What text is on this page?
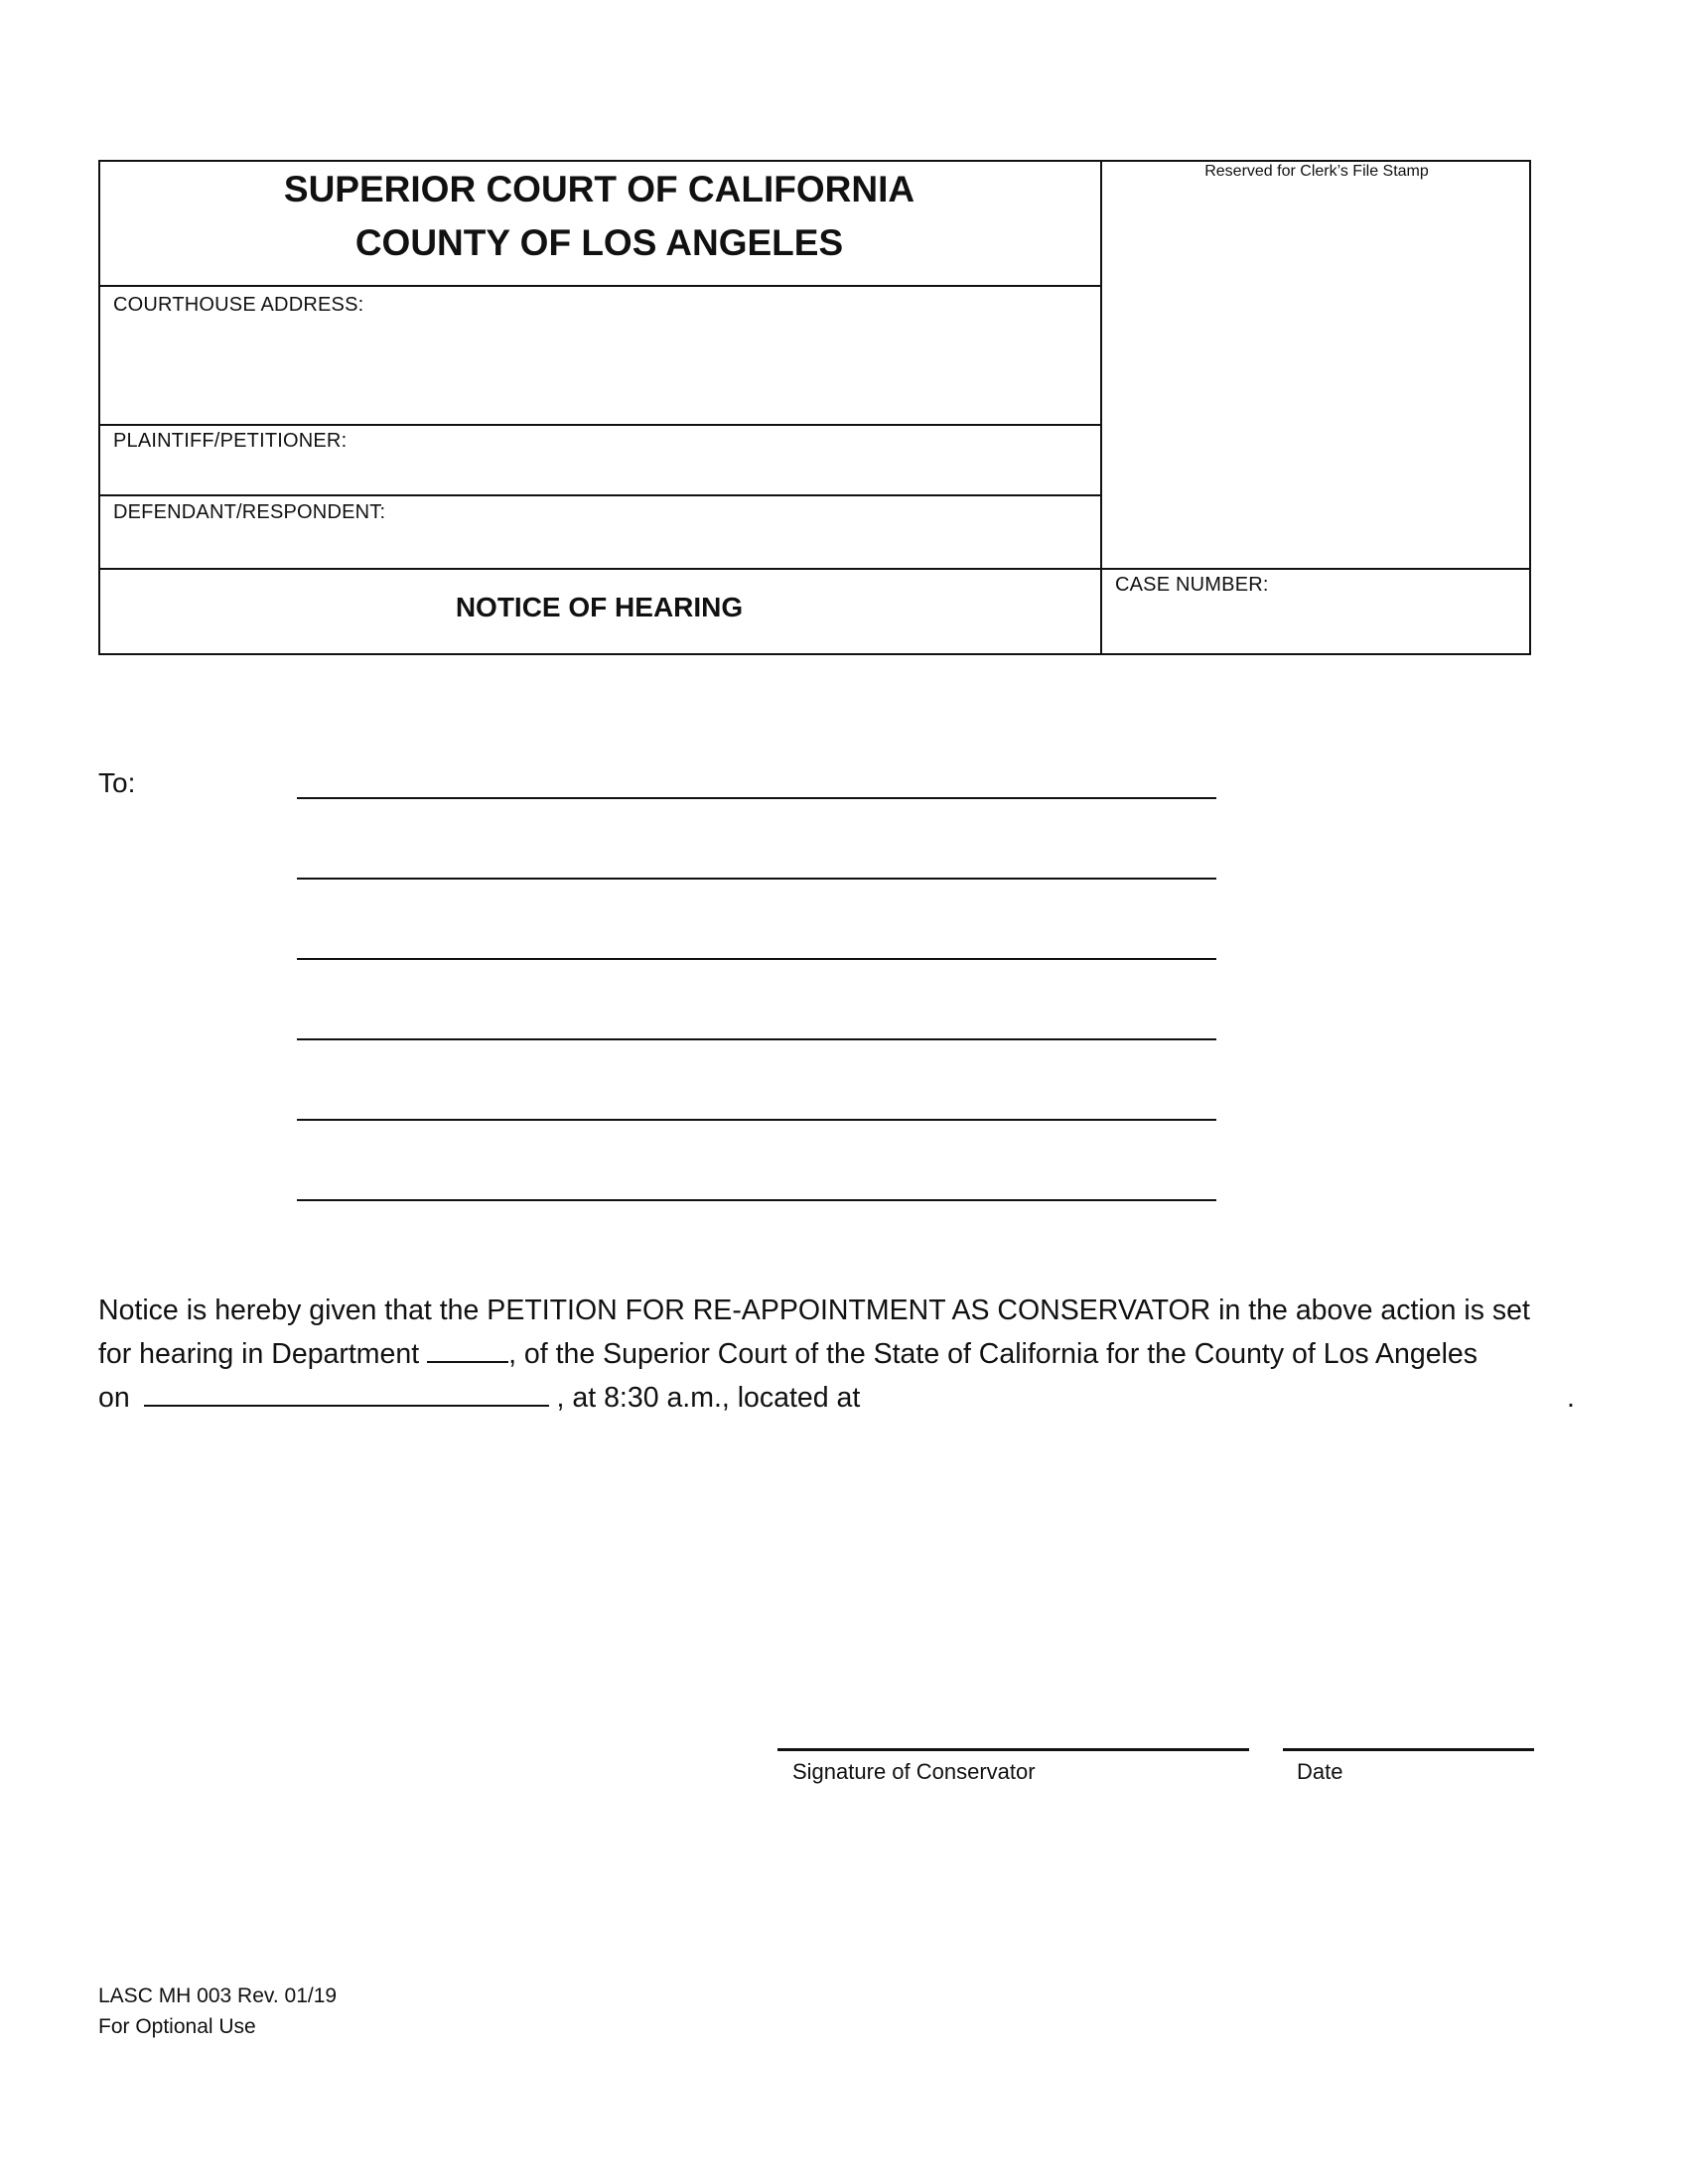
SUPERIOR COURT OF CALIFORNIA
COUNTY OF LOS ANGELES
Reserved for Clerk’s File Stamp
COURTHOUSE ADDRESS:
PLAINTIFF/PETITIONER:
DEFENDANT/RESPONDENT:
NOTICE OF HEARING
CASE NUMBER:
To:
Notice is hereby given that the PETITION FOR RE-APPOINTMENT AS CONSERVATOR in the above action is set
for hearing in Department	, of the Superior Court of the State of California for the County of Los Angeles
on	, at 8:30 a.m., located at	.
Signature of Conservator	Date
LASC MH 003 Rev. 01/19
For Optional Use
